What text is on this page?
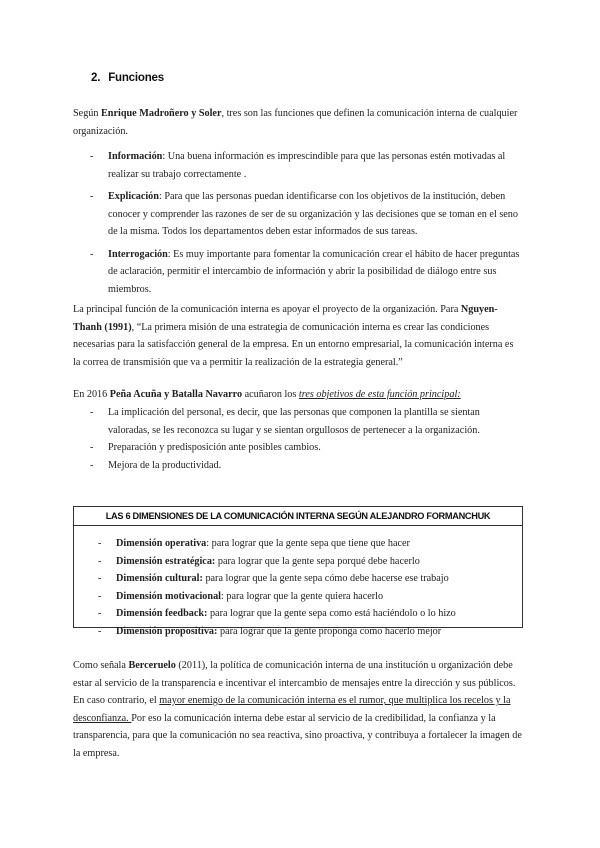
2. Funciones

Según Enrique Madroñero y Soler, tres son las funciones que definen la comunicación interna de cualquier organización.

- Información: Una buena información es imprescindible para que las personas estén motivadas al realizar su trabajo correctamente .
- Explicación: Para que las personas puedan identificarse con los objetivos de la institución, deben conocer y comprender las razones de ser de su organización y las decisiones que se toman en el seno de la misma. Todos los departamentos deben estar informados de sus tareas.
- Interrogación: Es muy importante para fomentar la comunicación crear el hábito de hacer preguntas de aclaración, permitir el intercambio de información y abrir la posibilidad de diálogo entre sus miembros.

La principal función de la comunicación interna es apoyar el proyecto de la organización. Para Nguyen-Thanh (1991), “La primera misión de una estrategia de comunicación interna es crear las condiciones necesarias para la satisfacción general de la empresa. En un entorno empresarial, la comunicación interna es la correa de transmisión que va a permitir la realización de la estrategia general.”

En 2016 Peña Acuña y Batalla Navarro acuñaron los tres objetivos de esta función principal:

- La implicación del personal, es decir, que las personas que componen la plantilla se sientan valoradas, se les reconozca su lugar y se sientan orgullosos de pertenecer a la organización.
- Preparación y predisposición ante posibles cambios.
- Mejora de la productividad.
LAS 6 DIMENSIONES DE LA COMUNICACIÓN INTERNA SEGÚN ALEJANDRO FORMANCHUK
- Dimensión operativa: para lograr que la gente sepa que tiene que hacer
- Dimensión estratégica: para lograr que la gente sepa porqué debe hacerlo
- Dimensión cultural: para lograr que la gente sepa cómo debe hacerse ese trabajo
- Dimensión motivacional: para lograr que la gente quiera hacerlo
- Dimensión feedback: para lograr que la gente sepa como está haciéndolo o lo hizo
- Dimensión propositiva: para lograr que la gente proponga como hacerlo mejor

Como señala Berceruelo (2011), la política de comunicación interna de una institución u organización debe estar al servicio de la transparencia e incentivar el intercambio de mensajes entre la dirección y sus públicos. En caso contrario, el mayor enemigo de la comunicación interna es el rumor, que multiplica los recelos y la desconfianza. Por eso la comunicación interna debe estar al servicio de la credibilidad, la confianza y la transparencia, para que la comunicación no sea reactiva, sino proactiva, y contribuya a fortalecer la imagen de la empresa.
